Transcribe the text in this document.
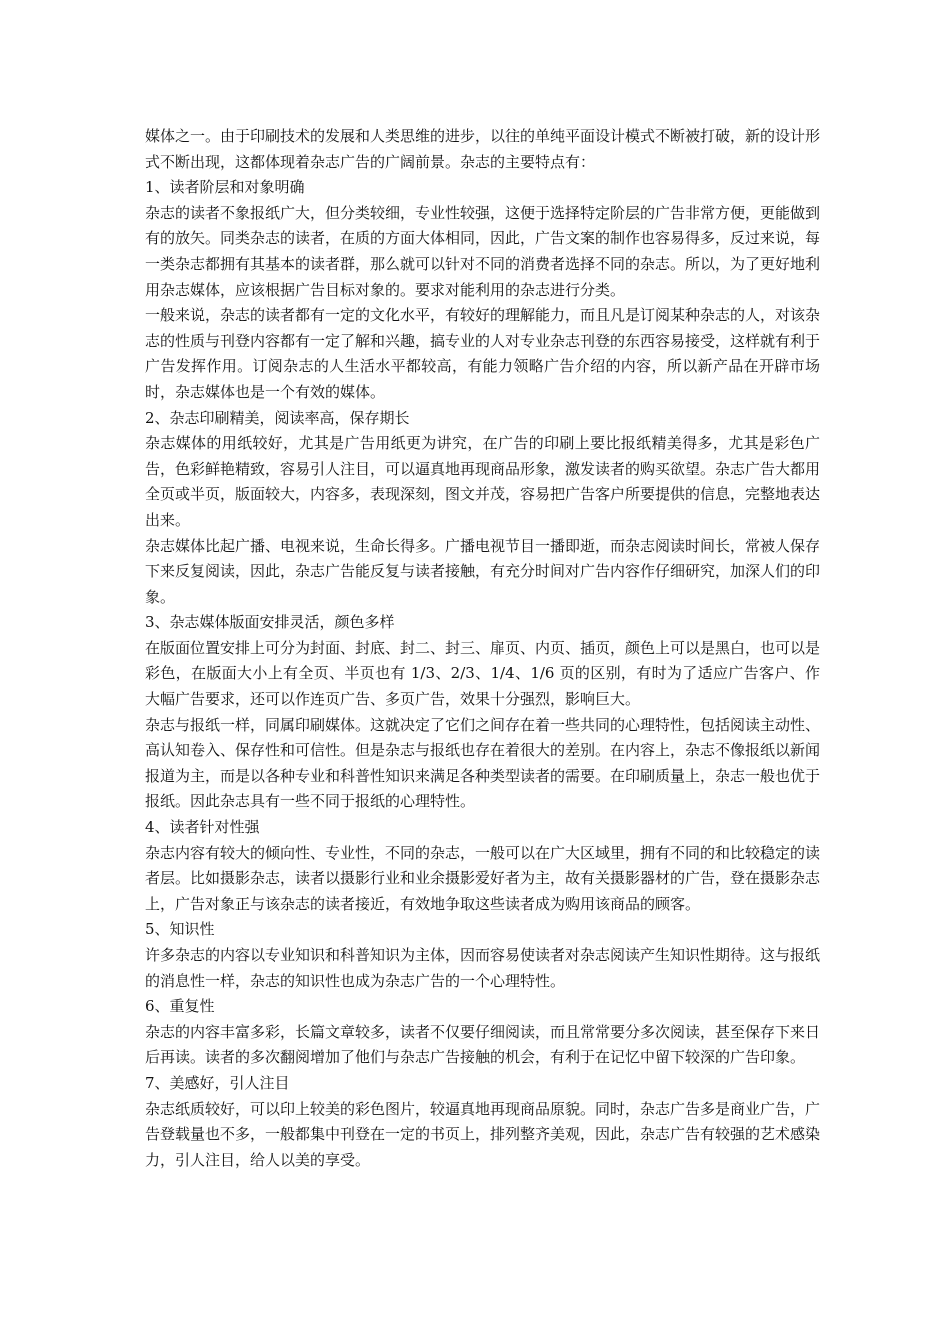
媒体之一。由于印刷技术的发展和人类思维的进步，以往的单纯平面设计模式不断被打破，新的设计形式不断出现，这都体现着杂志广告的广阔前景。杂志的主要特点有：

1、读者阶层和对象明确

杂志的读者不象报纸广大，但分类较细，专业性较强，这便于选择特定阶层的广告非常方便，更能做到有的放矢。同类杂志的读者，在质的方面大体相同，因此，广告文案的制作也容易得多，反过来说，每一类杂志都拥有其基本的读者群，那么就可以针对不同的消费者选择不同的杂志。所以，为了更好地利用杂志媒体，应该根据广告目标对象的。要求对能利用的杂志进行分类。

一般来说，杂志的读者都有一定的文化水平，有较好的理解能力，而且凡是订阅某种杂志的人，对该杂志的性质与刊登内容都有一定了解和兴趣，搞专业的人对专业杂志刊登的东西容易接受，这样就有利于广告发挥作用。订阅杂志的人生活水平都较高，有能力领略广告介绍的内容，所以新产品在开辟市场时，杂志媒体也是一个有效的媒体。

2、杂志印刷精美，阅读率高，保存期长

杂志媒体的用纸较好，尤其是广告用纸更为讲究，在广告的印刷上要比报纸精美得多，尤其是彩色广告，色彩鲜艳精致，容易引人注目，可以逼真地再现商品形象，激发读者的购买欲望。杂志广告大都用全页或半页，版面较大，内容多，表现深刻，图文并茂，容易把广告客户所要提供的信息，完整地表达出来。

杂志媒体比起广播、电视来说，生命长得多。广播电视节目一播即逝，而杂志阅读时间长，常被人保存下来反复阅读，因此，杂志广告能反复与读者接触，有充分时间对广告内容作仔细研究，加深人们的印象。

3、杂志媒体版面安排灵活，颜色多样

在版面位置安排上可分为封面、封底、封二、封三、扉页、内页、插页，颜色上可以是黑白，也可以是彩色，在版面大小上有全页、半页也有 1/3、2/3、1/4、1/6 页的区别，有时为了适应广告客户、作大幅广告要求，还可以作连页广告、多页广告，效果十分强烈，影响巨大。

杂志与报纸一样，同属印刷媒体。这就决定了它们之间存在着一些共同的心理特性，包括阅读主动性、高认知卷入、保存性和可信性。但是杂志与报纸也存在着很大的差别。在内容上，杂志不像报纸以新闻报道为主，而是以各种专业和科普性知识来满足各种类型读者的需要。在印刷质量上，杂志一般也优于报纸。因此杂志具有一些不同于报纸的心理特性。

4、读者针对性强

杂志内容有较大的倾向性、专业性，不同的杂志，一般可以在广大区域里，拥有不同的和比较稳定的读者层。比如摄影杂志，读者以摄影行业和业余摄影爱好者为主，故有关摄影器材的广告，登在摄影杂志上，广告对象正与该杂志的读者接近，有效地争取这些读者成为购用该商品的顾客。

5、知识性

许多杂志的内容以专业知识和科普知识为主体，因而容易使读者对杂志阅读产生知识性期待。这与报纸的消息性一样，杂志的知识性也成为杂志广告的一个心理特性。

6、重复性

杂志的内容丰富多彩，长篇文章较多，读者不仅要仔细阅读，而且常常要分多次阅读，甚至保存下来日后再读。读者的多次翻阅增加了他们与杂志广告接触的机会，有利于在记忆中留下较深的广告印象。

7、美感好，引人注目

杂志纸质较好，可以印上较美的彩色图片，较逼真地再现商品原貌。同时，杂志广告多是商业广告，广告登载量也不多，一般都集中刊登在一定的书页上，排列整齐美观，因此，杂志广告有较强的艺术感染力，引人注目，给人以美的享受。
